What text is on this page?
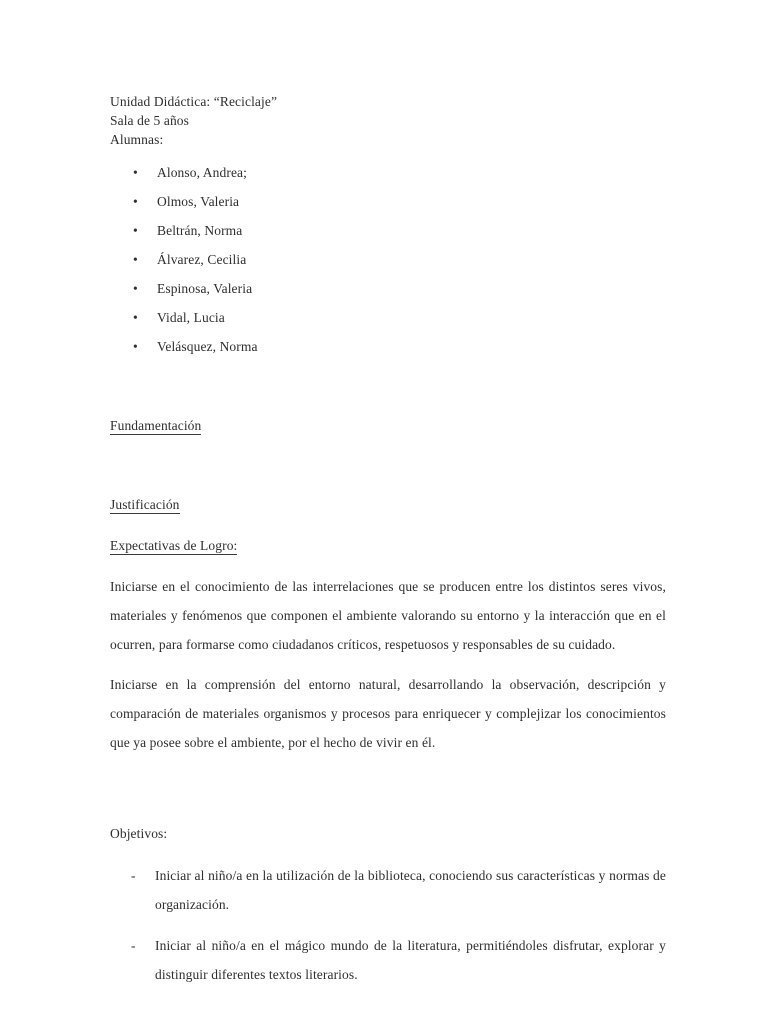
Unidad Didáctica: “Reciclaje”
Sala de 5 años
Alumnas:
• Alonso, Andrea;
• Olmos, Valeria
• Beltrán, Norma
• Álvarez, Cecilia
• Espinosa, Valeria
• Vidal, Lucia
• Velásquez, Norma
Fundamentación
Justificación
Expectativas de Logro:

Iniciarse en el conocimiento de las interrelaciones que se producen entre los distintos seres vivos, materiales y fenómenos que componen el ambiente valorando su entorno y la interacción que en el ocurren, para formarse como ciudadanos críticos, respetuosos y responsables de su cuidado.

Iniciarse en la comprensión del entorno natural, desarrollando la observación, descripción y comparación de materiales organismos y procesos para enriquecer y complejizar los conocimientos que ya posee sobre el ambiente, por el hecho de vivir en él.

Objetivos:
- Iniciar al niño/a en la utilización de la biblioteca, conociendo sus características y normas de organización.
- Iniciar al niño/a en el mágico mundo de la literatura, permitiéndoles disfrutar, explorar y distinguir diferentes textos literarios.
